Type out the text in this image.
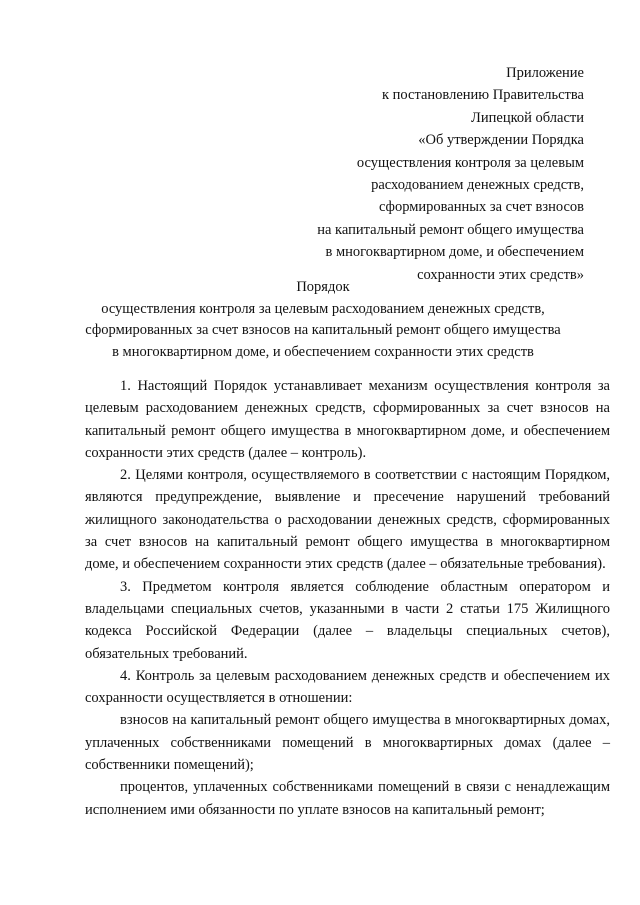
Приложение
к постановлению Правительства
Липецкой области
«Об утверждении Порядка
осуществления контроля за целевым
расходованием денежных средств,
сформированных за счет взносов
на капитальный ремонт общего имущества
в многоквартирном доме, и обеспечением
сохранности этих средств»
Порядок
осуществления контроля за целевым расходованием денежных средств,
сформированных за счет взносов на капитальный ремонт общего имущества
в многоквартирном доме, и обеспечением сохранности этих средств

1. Настоящий Порядок устанавливает механизм осуществления контроля за целевым расходованием денежных средств, сформированных за счет взносов на капитальный ремонт общего имущества в многоквартирном доме, и обеспечением сохранности этих средств (далее – контроль).

2. Целями контроля, осуществляемого в соответствии с настоящим Порядком, являются предупреждение, выявление и пресечение нарушений требований жилищного законодательства о расходовании денежных средств, сформированных за счет взносов на капитальный ремонт общего имущества в многоквартирном доме, и обеспечением сохранности этих средств (далее – обязательные требования).

3. Предметом контроля является соблюдение областным оператором и владельцами специальных счетов, указанными в части 2 статьи 175 Жилищного кодекса Российской Федерации (далее – владельцы специальных счетов), обязательных требований.

4. Контроль за целевым расходованием денежных средств и обеспечением их сохранности осуществляется в отношении:

взносов на капитальный ремонт общего имущества в многоквартирных домах, уплаченных собственниками помещений в многоквартирных домах (далее – собственники помещений);

процентов, уплаченных собственниками помещений в связи с ненадлежащим исполнением ими обязанности по уплате взносов на капитальный ремонт;
